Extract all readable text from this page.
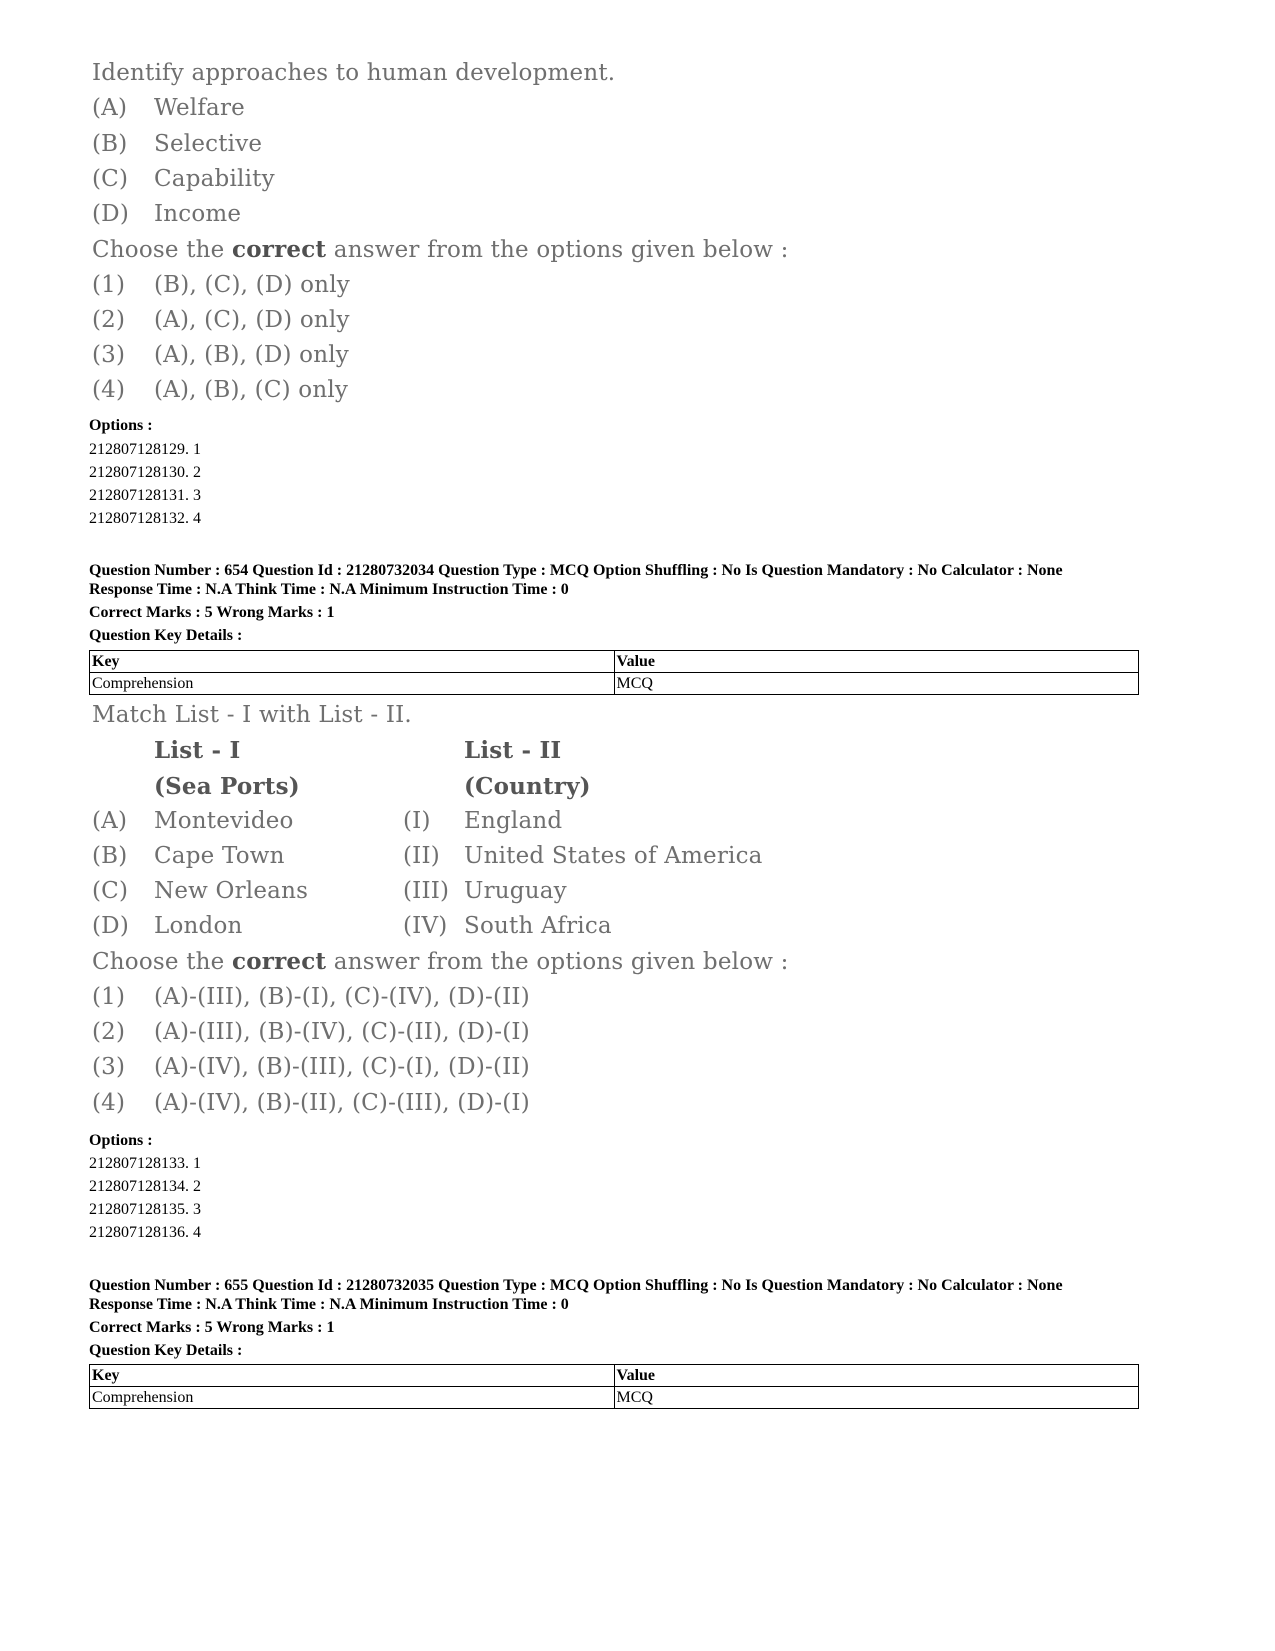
Identify approaches to human development.
(A) Welfare
(B) Selective
(C) Capability
(D) Income
Choose the correct answer from the options given below :
(1) (B), (C), (D) only
(2) (A), (C), (D) only
(3) (A), (B), (D) only
(4) (A), (B), (C) only
Options :
212807128129. 1
212807128130. 2
212807128131. 3
212807128132. 4
Question Number : 654 Question Id : 21280732034 Question Type : MCQ Option Shuffling : No Is Question Mandatory : No Calculator : None
Response Time : N.A Think Time : N.A Minimum Instruction Time : 0
Correct Marks : 5 Wrong Marks : 1
Question Key Details :
Key	Value
Comprehension	MCQ
Match List - I with List - II.
List - I	List - II
(Sea Ports)	(Country)
(A) Montevideo	(I) England
(B) Cape Town	(II) United States of America
(C) New Orleans	(III) Uruguay
(D) London	(IV) South Africa
Choose the correct answer from the options given below :
(1) (A)-(III), (B)-(I), (C)-(IV), (D)-(II)
(2) (A)-(III), (B)-(IV), (C)-(II), (D)-(I)
(3) (A)-(IV), (B)-(III), (C)-(I), (D)-(II)
(4) (A)-(IV), (B)-(II), (C)-(III), (D)-(I)
Options :
212807128133. 1
212807128134. 2
212807128135. 3
212807128136. 4
Question Number : 655 Question Id : 21280732035 Question Type : MCQ Option Shuffling : No Is Question Mandatory : No Calculator : None
Response Time : N.A Think Time : N.A Minimum Instruction Time : 0
Correct Marks : 5 Wrong Marks : 1
Question Key Details :
Key	Value
Comprehension	MCQ
